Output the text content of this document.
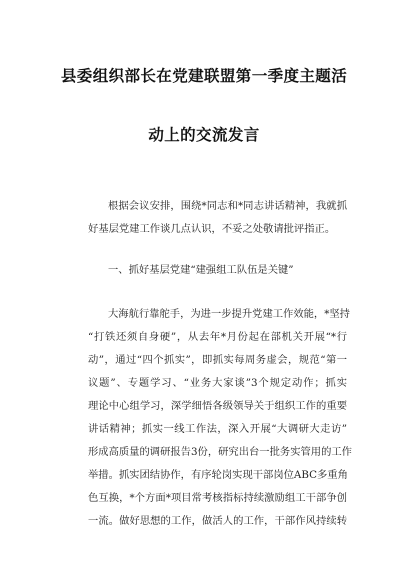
县委组织部长在党建联盟第一季度主题活
动上的交流发言
根据会议安排，围绕*同志和*同志讲话精神，我就抓
好基层党建工作谈几点认识，不妥之处敬请批评指正。
一、抓好基层党建“建强组工队伍是关键”
大海航行靠舵手，为进一步提升党建工作效能，*坚持
“打铁还须自身硬”，从去年*月份起在部机关开展“*行
动”，通过“四个抓实”，即抓实每周务虚会，规范“第一
议题”、专题学习、“业务大家谈”3个规定动作；抓实
理论中心组学习，深学细悟各级领导关于组织工作的重要
讲话精神；抓实一线工作法，深入开展“大调研大走访”
形成高质量的调研报告3份，研究出台一批务实管用的工作
举措。抓实团结协作，有序轮岗实现干部岗位ABC多重角
色互换，*个方面*项目常考核指标持续激励组工干部争创
一流。做好思想的工作，做活人的工作，干部作风持续转
